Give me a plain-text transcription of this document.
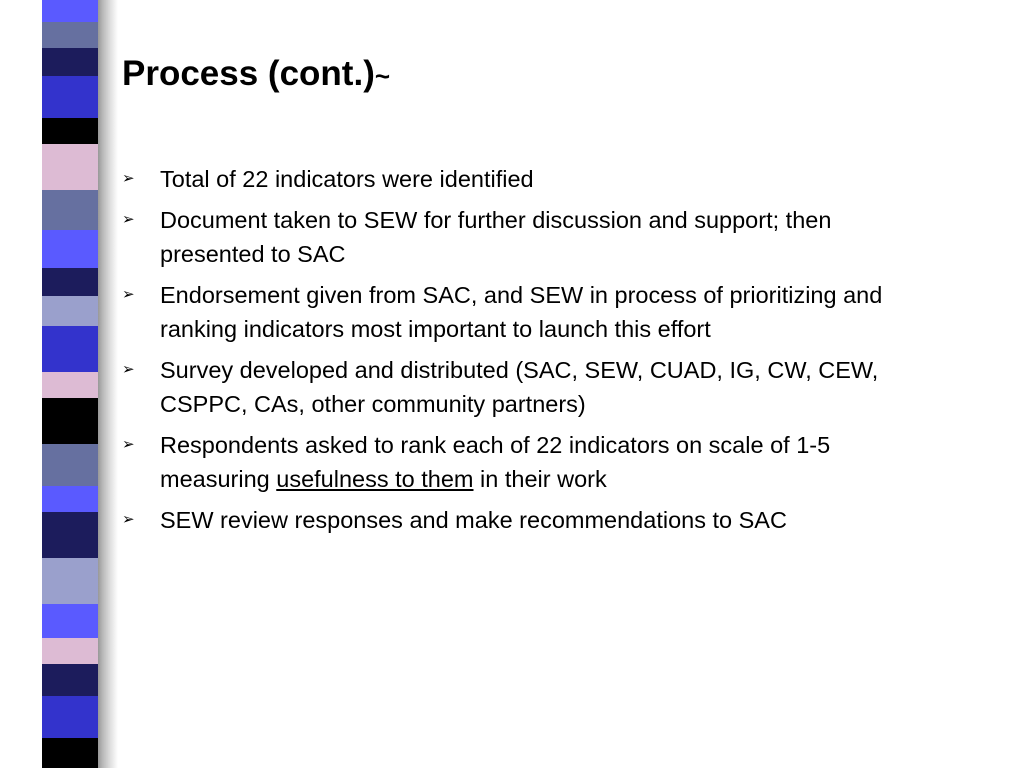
Process (cont.)~
➢ Total of 22 indicators were identified
➢ Document taken to SEW for further discussion and support; then presented to SAC
➢ Endorsement given from SAC, and SEW in process of prioritizing and ranking indicators most important to launch this effort
➢ Survey developed and distributed (SAC, SEW, CUAD, IG, CW, CEW, CSPPC, CAs, other community partners)
➢ Respondents asked to rank each of 22 indicators on scale of 1-5 measuring usefulness to them in their work
➢ SEW review responses and make recommendations to SAC
